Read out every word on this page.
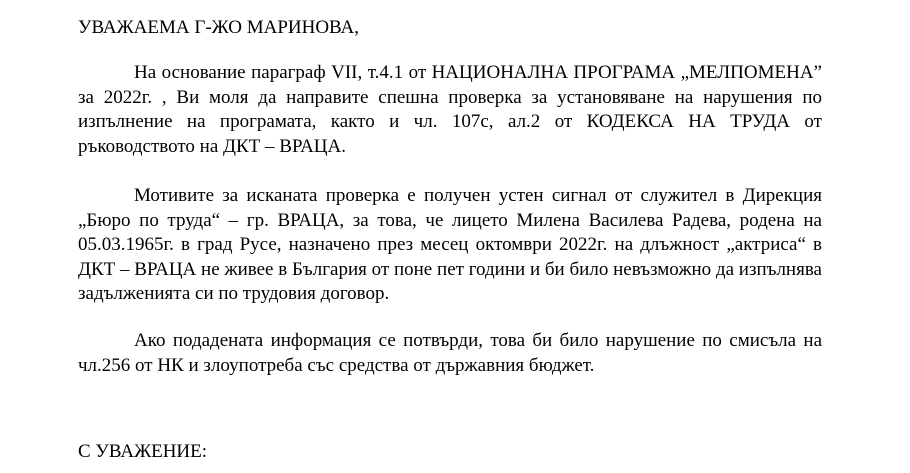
УВАЖАЕМА Г-ЖО МАРИНОВА,

На основание параграф VII, т.4.1 от НАЦИОНАЛНА ПРОГРАМА „МЕЛПОМЕНА” за 2022г. , Ви моля да направите спешна проверка за установяване на нарушения по изпълнение на програмата, както и чл. 107с, ал.2 от КОДЕКСА НА ТРУДА от ръководството на ДКТ – ВРАЦА.

Мотивите за исканата проверка е получен устен сигнал от служител в Дирекция „Бюро по труда“ – гр. ВРАЦА, за това, че лицето Милена Василева Радева, родена на 05.03.1965г. в град Русе, назначено през месец октомври 2022г. на длъжност „актриса“ в ДКТ – ВРАЦА не живее в България от поне пет години и би било невъзможно да изпълнява задълженията си по трудовия договор.

Ако подадената информация се потвърди, това би било нарушение по смисъла на чл.256 от НК и злоупотреба със средства от държавния бюджет.

С УВАЖЕНИЕ:
